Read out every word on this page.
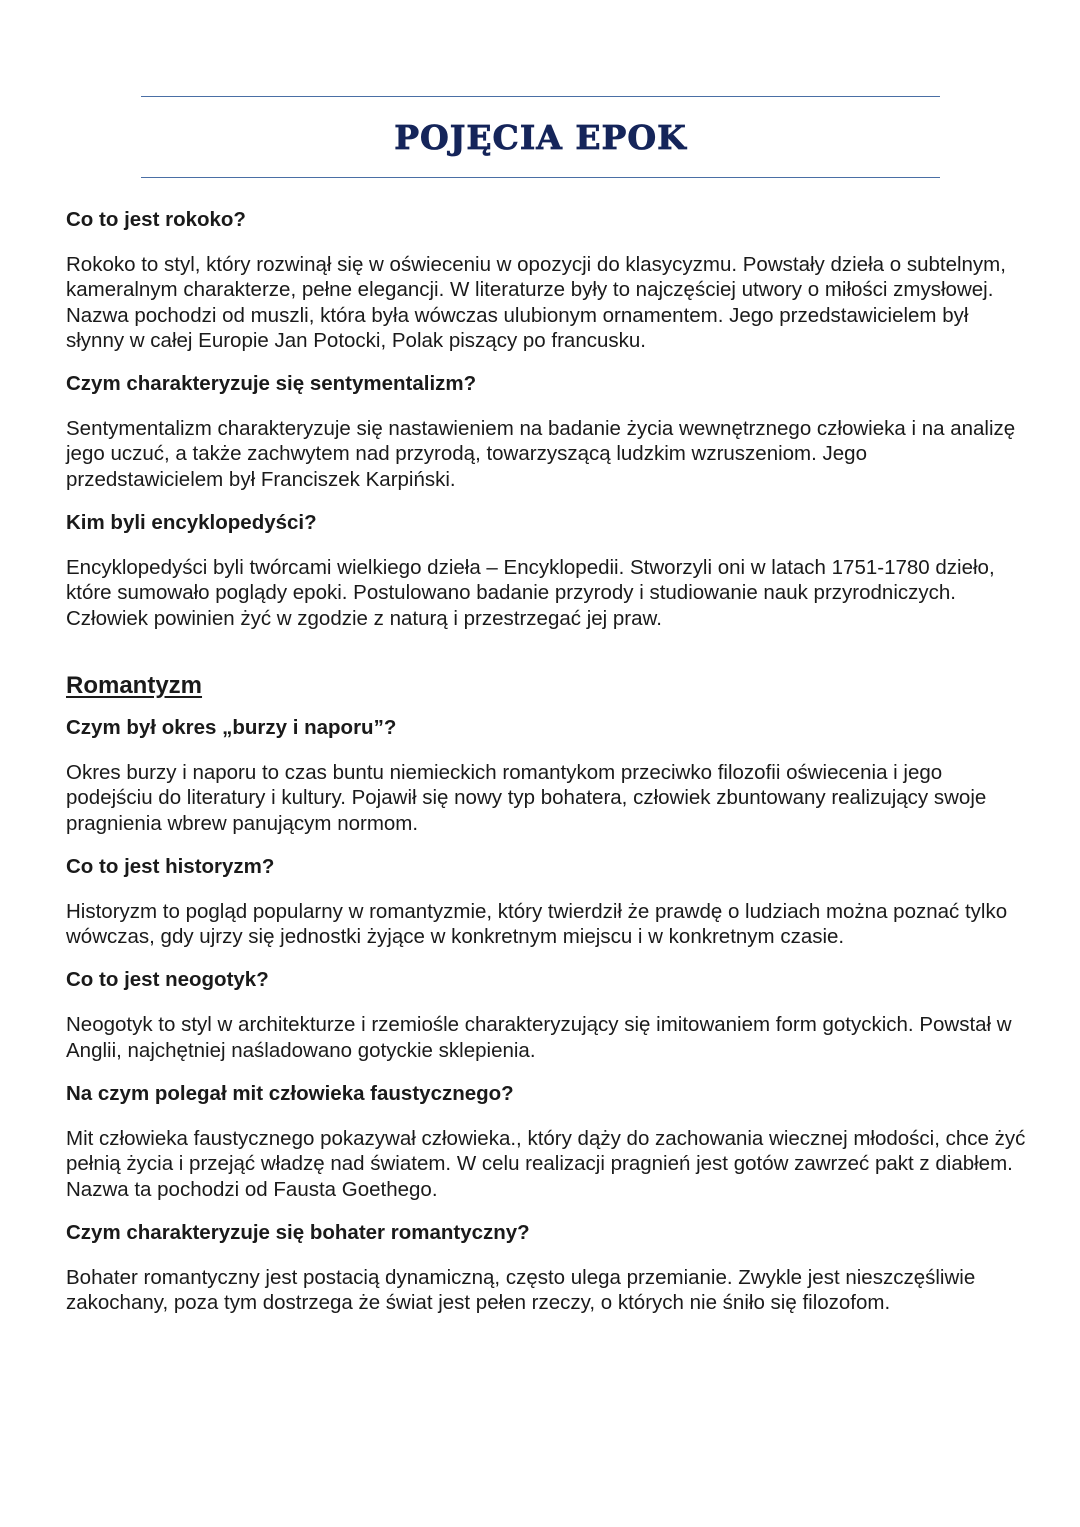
POJĘCIA EPOK
Co to jest rokoko?
Rokoko to styl, który rozwinął się w oświeceniu w opozycji do klasycyzmu. Powstały dzieła o subtelnym, kameralnym charakterze, pełne elegancji. W literaturze były to najczęściej utwory o miłości zmysłowej. Nazwa pochodzi od muszli, która była wówczas ulubionym ornamentem. Jego przedstawicielem był słynny w całej Europie Jan Potocki, Polak piszący po francusku.
Czym charakteryzuje się sentymentalizm?
Sentymentalizm charakteryzuje się nastawieniem na badanie życia wewnętrznego człowieka i na analizę jego uczuć, a także zachwytem nad przyrodą, towarzyszącą ludzkim wzruszeniom. Jego przedstawicielem był Franciszek Karpiński.
Kim byli encyklopedyści?
Encyklopedyści byli twórcami wielkiego dzieła – Encyklopedii. Stworzyli oni w latach 1751-1780 dzieło, które sumowało poglądy epoki. Postulowano badanie przyrody i studiowanie nauk przyrodniczych. Człowiek powinien żyć w zgodzie z naturą i przestrzegać jej praw.
Romantyzm
Czym był okres „burzy i naporu”?
Okres burzy i naporu to czas buntu niemieckich romantykom przeciwko filozofii oświecenia i jego podejściu do literatury i kultury. Pojawił się nowy typ bohatera, człowiek zbuntowany realizujący swoje pragnienia wbrew panującym normom.
Co to jest historyzm?
Historyzm to pogląd popularny w romantyzmie, który twierdził że prawdę o ludziach można poznać tylko wówczas, gdy ujrzy się jednostki żyjące w konkretnym miejscu i w konkretnym czasie.
Co to jest neogotyk?
Neogotyk to styl w architekturze i rzemiośle charakteryzujący się imitowaniem form gotyckich. Powstał w Anglii, najchętniej naśladowano gotyckie sklepienia.
Na czym polegał mit człowieka faustycznego?
Mit człowieka faustycznego pokazywał człowieka., który dąży do zachowania wiecznej młodości, chce żyć pełnią życia i przejąć władzę nad światem. W celu realizacji pragnień jest gotów zawrzeć pakt z diabłem. Nazwa ta pochodzi od Fausta Goethego.
Czym charakteryzuje się bohater romantyczny?
Bohater romantyczny jest postacią dynamiczną, często ulega przemianie. Zwykle jest nieszczęśliwie zakochany, poza tym dostrzega że świat jest pełen rzeczy, o których nie śniło się filozofom.
